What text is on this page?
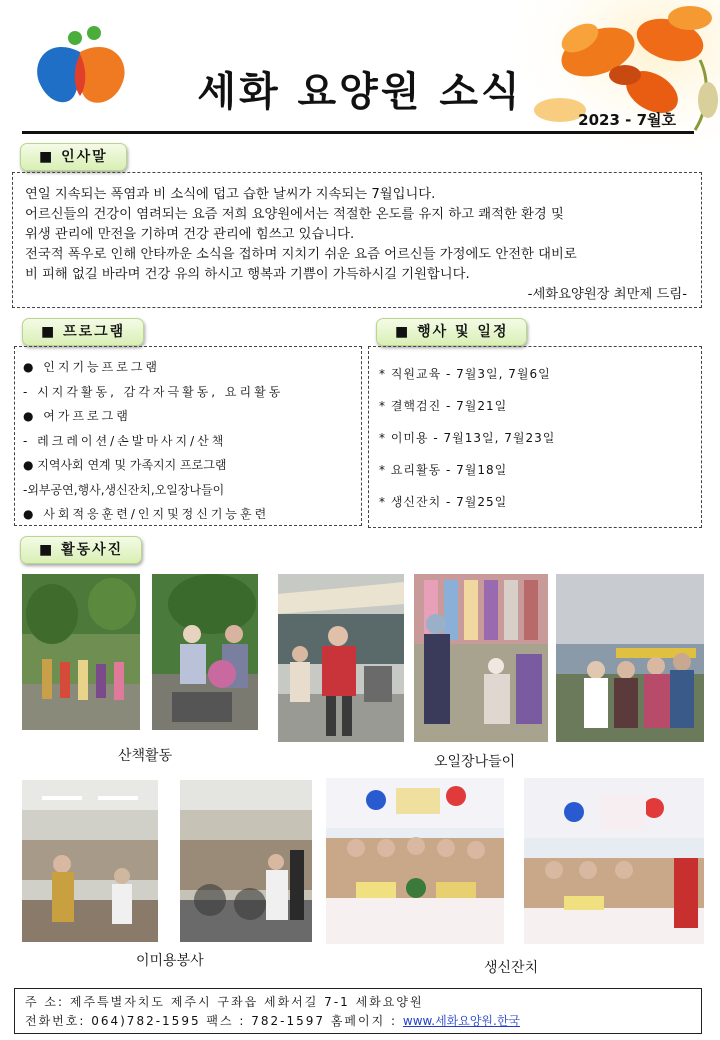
세화 요양원 소식
2023 - 7월호
■ 인사말

연일 지속되는 폭염과 비 소식에 덥고 습한 날씨가 지속되는 7월입니다.

어르신들의 건강이 염려되는 요즘 저희 요양원에서는 적절한 온도를 유지 하고 쾌적한 환경 및

위생 관리에 만전을 기하며 건강 관리에 힘쓰고 있습니다.

전국적 폭우로 인해 안타까운 소식을 접하며 지치기 쉬운 요즘 어르신들 가정에도 안전한 대비로

비 피해 없길 바라며 건강 유의 하시고 행복과 기쁨이 가득하시길 기원합니다.

-세화요양원장 최만제 드림-

■ 프로그램

● 인지기능프로그램

- 시지각활동, 감각자극활동, 요리활동

● 여가프로그램

- 레크레이션/손발마사지/산책

● 지역사회 연계 및 가족지지 프로그램

-외부공연,행사,생신잔치,오일장나들이

● 사회적응훈련/인지및정신기능훈련

■ 행사 및 일정

* 직원교육 - 7월3일, 7월6일

* 결핵검진 - 7월21일

* 이미용 - 7월13일, 7월23일

* 요리활동 - 7월18일

* 생신잔치 - 7월25일

■ 활동사진
산책활동	오일장나들이
이미용봉사	생신잔치

주 소: 제주특별자치도 제주시 구좌읍 세화서길 7-1 세화요양원

전화번호: 064)782-1595 팩스 : 782-1597 홈페이지 : www.세화요양원.한국
